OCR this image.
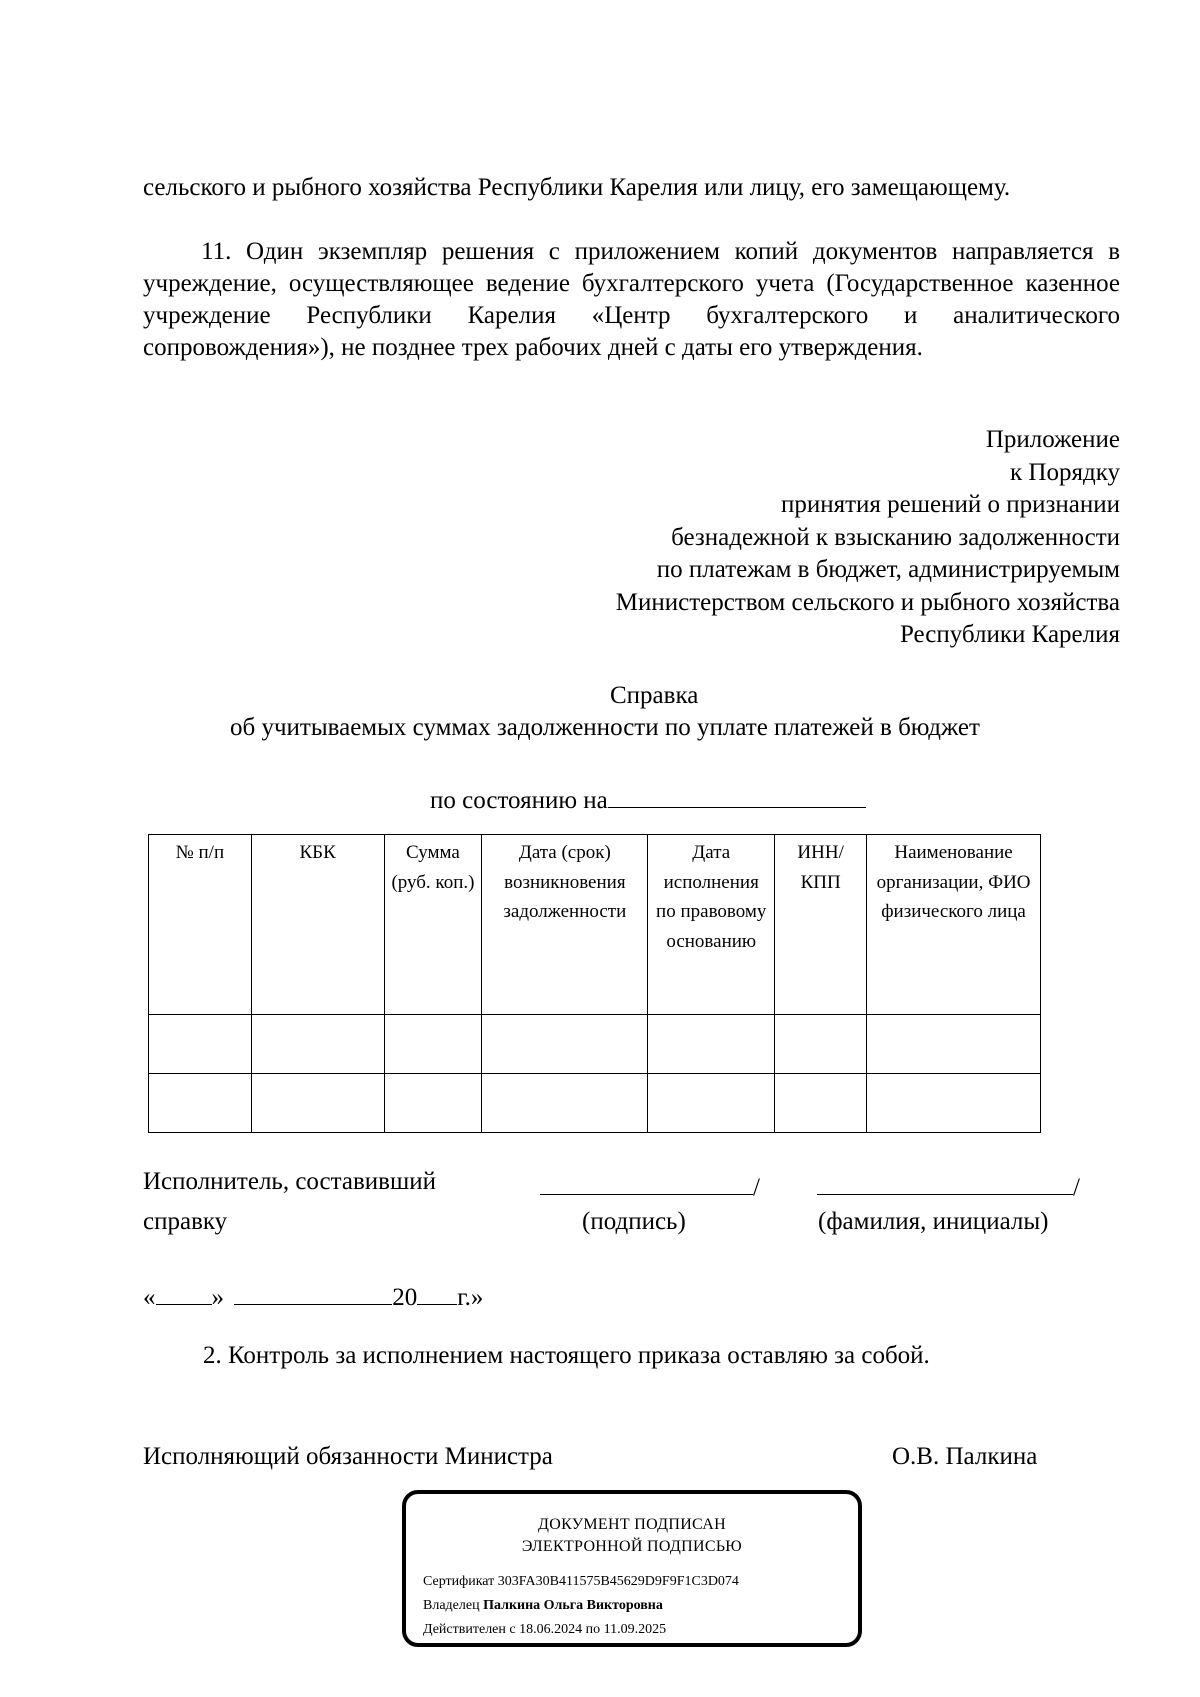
сельского и рыбного хозяйства Республики Карелия или лицу, его замещающему.

11. Один экземпляр решения с приложением копий документов направляется в учреждение, осуществляющее ведение бухгалтерского учета (Государственное казенное учреждение Республики Карелия «Центр бухгалтерского и аналитического сопровождения»), не позднее трех рабочих дней с даты его утверждения.

Приложение
к Порядку
принятия решений о признании
безнадежной к взысканию задолженности
по платежам в бюджет, администрируемым
Министерством сельского и рыбного хозяйства
Республики Карелия
Справка
об учитываемых суммах задолженности по уплате платежей в бюджет
по состоянию на
№ п/п	КБК	Сумма (руб. коп.)	Дата (срок) возникновения задолженности	Дата исполнения по правовому основанию	ИНН/ КПП	Наименование организации, ФИО физического лица

Исполнитель, составивший
справку
/
(подпись)
/
(фамилия, инициалы)
« »	20 г.»
2. Контроль за исполнением настоящего приказа оставляю за собой.
Исполняющий обязанности Министра	О.В. Палкина
ДОКУМЕНТ ПОДПИСАН
ЭЛЕКТРОННОЙ ПОДПИСЬЮ
Сертификат 303FA30B411575B45629D9F9F1C3D074
Владелец Палкина Ольга Викторовна
Действителен с 18.06.2024 по 11.09.2025
